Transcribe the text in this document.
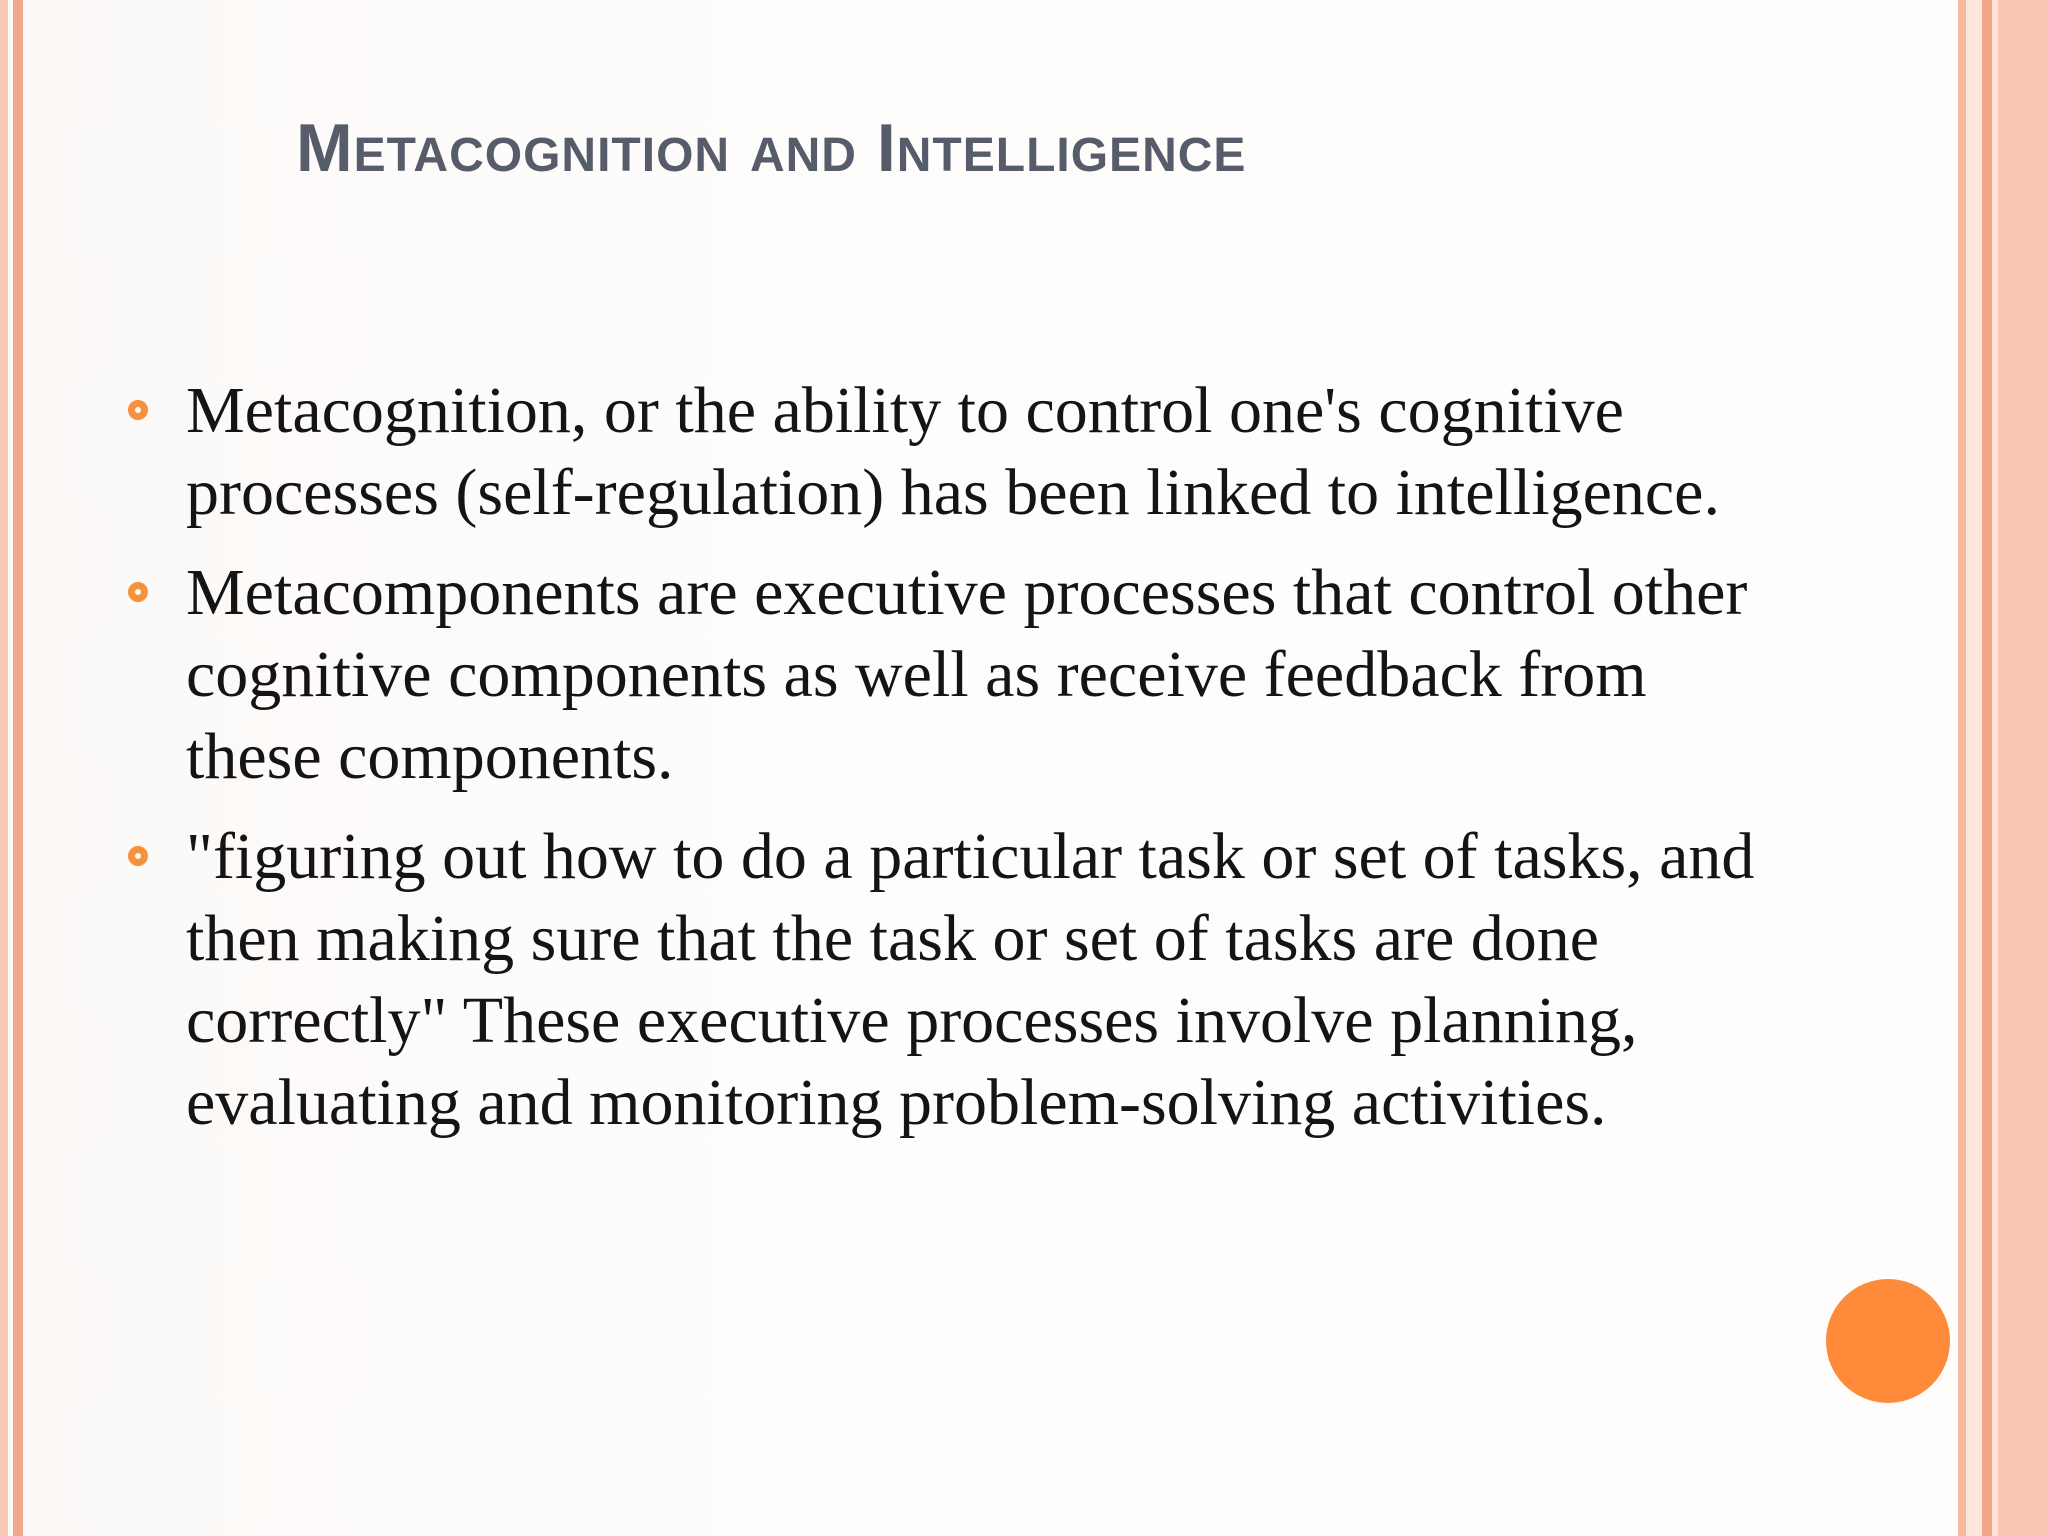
Metacognition and Intelligence
Metacognition, or the ability to control one's cognitive processes (self-regulation) has been linked to intelligence.
Metacomponents are executive processes that control other cognitive components as well as receive feedback from these components.
"figuring out how to do a particular task or set of tasks, and then making sure that the task or set of tasks are done correctly" These executive processes involve planning, evaluating and monitoring problem-solving activities.
